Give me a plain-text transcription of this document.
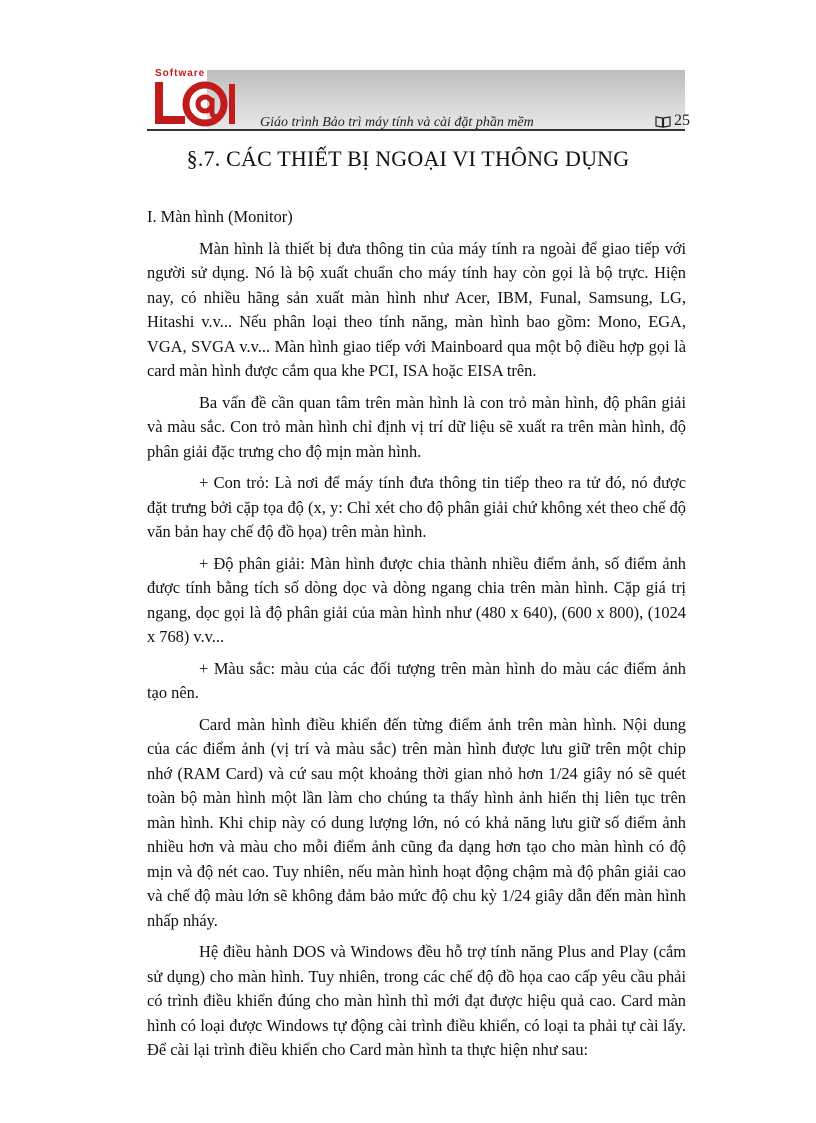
Software
Giáo trình Bảo trì máy tính và cài đặt phần mềm	25
§.7. CÁC THIẾT BỊ NGOẠI VI THÔNG DỤNG

I. Màn hình (Monitor)

Màn hình là thiết bị đưa thông tin của máy tính ra ngoài để giao tiếp với người sử dụng. Nó là bộ xuất chuẩn cho máy tính hay còn gọi là bộ trực. Hiện nay, có nhiều hãng sản xuất màn hình như Acer, IBM, Funal, Samsung, LG, Hitashi v.v... Nếu phân loại theo tính năng, màn hình bao gồm: Mono, EGA, VGA, SVGA v.v... Màn hình giao tiếp với Mainboard qua một bộ điều hợp gọi là card màn hình được cắm qua khe PCI, ISA hoặc EISA trên.

Ba vấn đề cần quan tâm trên màn hình là con trỏ màn hình, độ phân giải và màu sắc. Con trỏ màn hình chỉ định vị trí dữ liệu sẽ xuất ra trên màn hình, độ phân giải đặc trưng cho độ mịn màn hình.

+ Con trỏ: Là nơi để máy tính đưa thông tin tiếp theo ra tử đó, nó được đặt trưng bởi cặp tọa độ (x, y: Chỉ xét cho độ phân giải chứ không xét theo chế độ văn bản hay chế độ đồ họa) trên màn hình.

+ Độ phân giải: Màn hình được chia thành nhiều điểm ảnh, số điểm ảnh được tính bằng tích số dòng dọc và dòng ngang chia trên màn hình. Cặp giá trị ngang, dọc gọi là độ phân giải của màn hình như (480 x 640), (600 x 800), (1024 x 768) v.v...

+ Màu sắc: màu của các đối tượng trên màn hình do màu các điểm ảnh tạo nên.

Card màn hình điều khiển đến từng điểm ảnh trên màn hình. Nội dung của các điểm ảnh (vị trí và màu sắc) trên màn hình được lưu giữ trên một chip nhớ (RAM Card) và cứ sau một khoảng thời gian nhỏ hơn 1/24 giây nó sẽ quét toàn bộ màn hình một lần làm cho chúng ta thấy hình ảnh hiển thị liên tục trên màn hình. Khi chip này có dung lượng lớn, nó có khả năng lưu giữ số điểm ảnh nhiều hơn và màu cho mỗi điểm ảnh cũng đa dạng hơn tạo cho màn hình có độ mịn và độ nét cao. Tuy nhiên, nếu màn hình hoạt động chậm mà độ phân giải cao và chế độ màu lớn sẽ không đảm bảo mức độ chu kỳ 1/24 giây dẫn đến màn hình nhấp nháy.

Hệ điều hành DOS và Windows đều hỗ trợ tính năng Plus and Play (cắm sử dụng) cho màn hình. Tuy nhiên, trong các chế độ đồ họa cao cấp yêu cầu phải có trình điều khiển đúng cho màn hình thì mới đạt được hiệu quả cao. Card màn hình có loại được Windows tự động cài trình điều khiển, có loại ta phải tự cài lấy. Để cài lại trình điều khiển cho Card màn hình ta thực hiện như sau:
